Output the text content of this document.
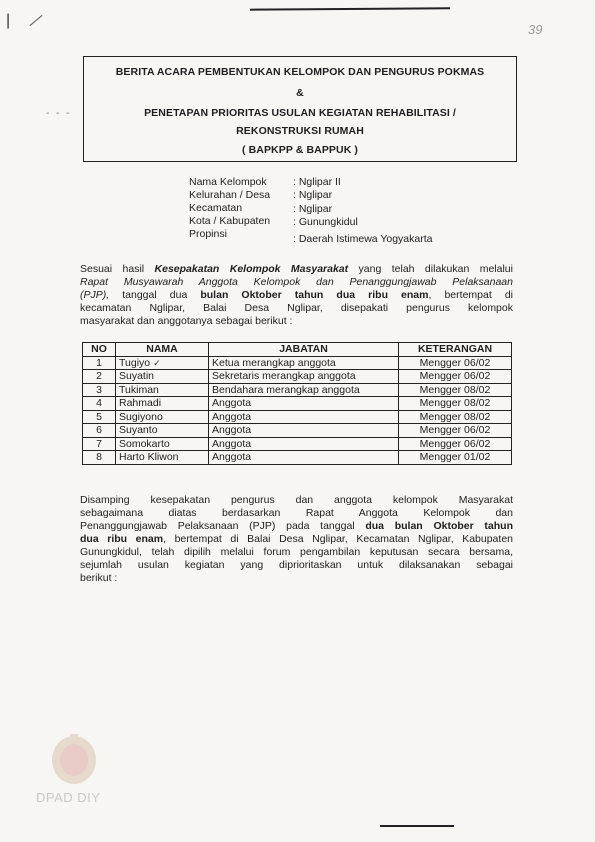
|
- - -
39
BERITA ACARA PEMBENTUKAN KELOMPOK DAN PENGURUS POKMAS
&
PENETAPAN PRIORITAS USULAN KEGIATAN REHABILITASI /
REKONSTRUKSI RUMAH
( BAPKPP & BAPPUK )
Nama Kelompok	: Nglipar II
Kelurahan / Desa : Nglipar
Kecamatan	: Nglipar
Kota / Kabupaten : Gunungkidul
Propinsi	: Daerah Istimewa Yogyakarta
Sesuai hasil Kesepakatan Kelompok Masyarakat yang telah dilakukan melalui
Rapat Musyawarah Anggota Kelompok dan Penanggungjawab Pelaksanaan
(PJP), tanggal dua bulan Oktober tahun dua ribu enam, bertempat di
kecamatan Nglipar, Balai Desa Nglipar, disepakati pengurus kelompok
masyarakat dan anggotanya sebagai berikut :
NO	NAMA	JABATAN	KETERANGAN
1	Tugiyo ✓	Ketua merangkap anggota	Mengger 06/02
2	Suyatin	Sekretaris merangkap anggota	Mengger 06/02
3	Tukiman	Bendahara merangkap anggota	Mengger 08/02
4	Rahmadi	Anggota	Mengger 08/02
5	Sugiyono	Anggota	Mengger 08/02
6	Suyanto	Anggota	Mengger 06/02
7	Somokarto	Anggota	Mengger 06/02
8	Harto Kliwon	Anggota	Mengger 01/02
Disamping kesepakatan pengurus dan anggota kelompok Masyarakat
sebagaimana diatas berdasarkan Rapat Anggota Kelompok dan
Penanggungjawab Pelaksanaan (PJP) pada tanggal dua bulan Oktober tahun
dua ribu enam, bertempat di Balai Desa Nglipar, Kecamatan Nglipar, Kabupaten
Gunungkidul, telah dipilih melalui forum pengambilan keputusan secara bersama,
sejumlah usulan kegiatan yang diprioritaskan untuk dilaksanakan sebagai
berikut :
DPAD DIY
